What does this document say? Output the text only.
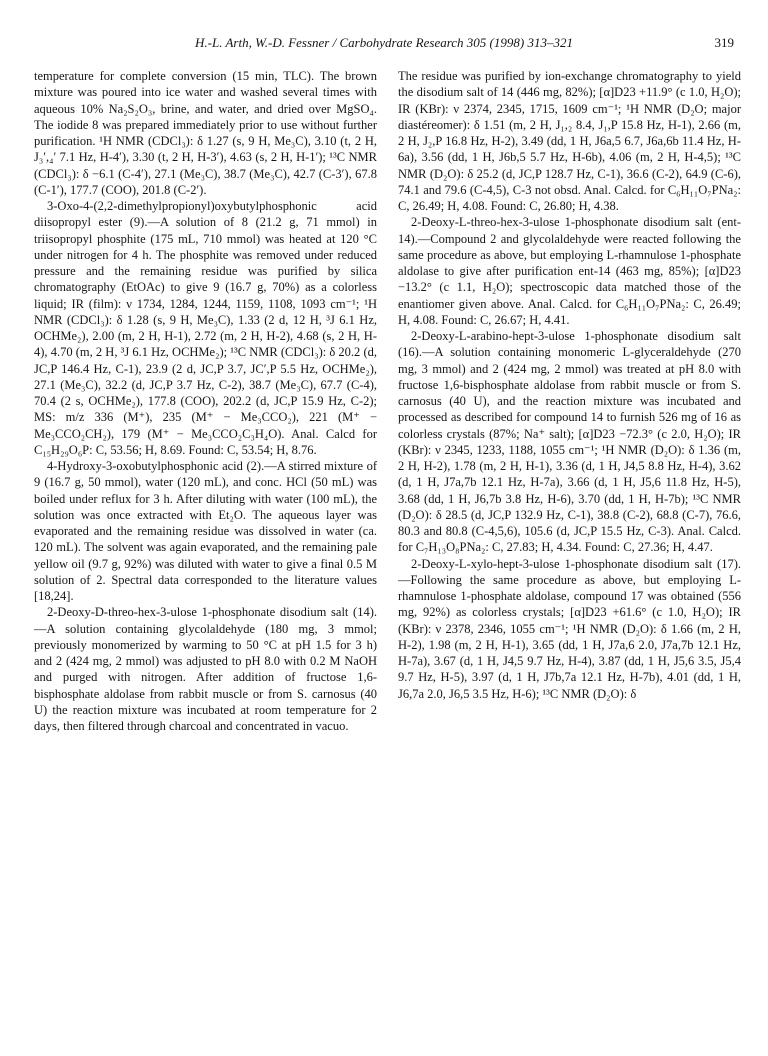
H.-L. Arth, W.-D. Fessner / Carbohydrate Research 305 (1998) 313–321	319

temperature for complete conversion (15 min, TLC). The brown mixture was poured into ice water and washed several times with aqueous 10% Na₂S₂O₃, brine, and water, and dried over MgSO₄. The iodide 8 was prepared immediately prior to use without further purification. ¹H NMR (CDCl₃): δ 1.27 (s, 9 H, Me₃C), 3.10 (t, 2 H, J₃′,₄′ 7.1 Hz, H-4′), 3.30 (t, 2 H, H-3′), 4.63 (s, 2 H, H-1′); ¹³C NMR (CDCl₃): δ −6.1 (C-4′), 27.1 (Me₃C), 38.7 (Me₃C), 42.7 (C-3′), 67.8 (C-1′), 177.7 (COO), 201.8 (C-2′).

3-Oxo-4-(2,2-dimethylpropionyl)oxybutylphosphonic acid diisopropyl ester (9).—A solution of 8 (21.2 g, 71 mmol) in triisopropyl phosphite (175 mL, 710 mmol) was heated at 120 °C under nitrogen for 4 h. The phosphite was removed under reduced pressure and the remaining residue was purified by silica chromatography (EtOAc) to give 9 (16.7 g, 70%) as a colorless liquid; IR (film): ν 1734, 1284, 1244, 1159, 1108, 1093 cm⁻¹; ¹H NMR (CDCl₃): δ 1.28 (s, 9 H, Me₃C), 1.33 (2 d, 12 H, ³J 6.1 Hz, OCHMe₂), 2.00 (m, 2 H, H-1), 2.72 (m, 2 H, H-2), 4.68 (s, 2 H, H-4), 4.70 (m, 2 H, ³J 6.1 Hz, OCHMe₂); ¹³C NMR (CDCl₃): δ 20.2 (d, JC,P 146.4 Hz, C-1), 23.9 (2 d, JC,P 3.7, JC′,P 5.5 Hz, OCHMe₂), 27.1 (Me₃C), 32.2 (d, JC,P 3.7 Hz, C-2), 38.7 (Me₃C), 67.7 (C-4), 70.4 (2 s, OCHMe₂), 177.8 (COO), 202.2 (d, JC,P 15.9 Hz, C-2); MS: m/z 336 (M⁺), 235 (M⁺ − Me₃CCO₂), 221 (M⁺ − Me₃CCO₂CH₂), 179 (M⁺ − Me₃CCO₂C₃H₄O). Anal. Calcd for C₁₅H₂₉O₆P: C, 53.56; H, 8.69. Found: C, 53.54; H, 8.76.

4-Hydroxy-3-oxobutylphosphonic acid (2).—A stirred mixture of 9 (16.7 g, 50 mmol), water (120 mL), and conc. HCl (50 mL) was boiled under reflux for 3 h. After diluting with water (100 mL), the solution was once extracted with Et₂O. The aqueous layer was evaporated and the remaining residue was dissolved in water (ca. 120 mL). The solvent was again evaporated, and the remaining pale yellow oil (9.7 g, 92%) was diluted with water to give a final 0.5 M solution of 2. Spectral data corresponded to the literature values [18,24].

2-Deoxy-D-threo-hex-3-ulose 1-phosphonate disodium salt (14).—A solution containing glycolaldehyde (180 mg, 3 mmol; previously monomerized by warming to 50 °C at pH 1.5 for 3 h) and 2 (424 mg, 2 mmol) was adjusted to pH 8.0 with 0.2 M NaOH and purged with nitrogen. After addition of fructose 1,6-bisphosphate aldolase from rabbit muscle or from S. carnosus (40 U) the reaction mixture was incubated at room temperature for 2 days, then filtered through charcoal and concentrated in vacuo.

The residue was purified by ion-exchange chromatography to yield the disodium salt of 14 (446 mg, 82%); [α]D23 +11.9° (c 1.0, H₂O); IR (KBr): ν 2374, 2345, 1715, 1609 cm⁻¹; ¹H NMR (D₂O; major diastéreomer): δ 1.51 (m, 2 H, J₁,₂ 8.4, J₁,P 15.8 Hz, H-1), 2.66 (m, 2 H, J₂,P 16.8 Hz, H-2), 3.49 (dd, 1 H, J6a,5 6.7, J6a,6b 11.4 Hz, H-6a), 3.56 (dd, 1 H, J6b,5 5.7 Hz, H-6b), 4.06 (m, 2 H, H-4,5); ¹³C NMR (D₂O): δ 25.2 (d, JC,P 128.7 Hz, C-1), 36.6 (C-2), 64.9 (C-6), 74.1 and 79.6 (C-4,5), C-3 not obsd. Anal. Calcd. for C₆H₁₁O₇PNa₂: C, 26.49; H, 4.08. Found: C, 26.80; H, 4.38.

2-Deoxy-L-threo-hex-3-ulose 1-phosphonate disodium salt (ent-14).—Compound 2 and glycolaldehyde were reacted following the same procedure as above, but employing L-rhamnulose 1-phosphate aldolase to give after purification ent-14 (463 mg, 85%); [α]D23 −13.2° (c 1.1, H₂O); spectroscopic data matched those of the enantiomer given above. Anal. Calcd. for C₆H₁₁O₇PNa₂: C, 26.49; H, 4.08. Found: C, 26.67; H, 4.41.

2-Deoxy-L-arabino-hept-3-ulose 1-phosphonate disodium salt (16).—A solution containing monomeric L-glyceraldehyde (270 mg, 3 mmol) and 2 (424 mg, 2 mmol) was treated at pH 8.0 with fructose 1,6-bisphosphate aldolase from rabbit muscle or from S. carnosus (40 U), and the reaction mixture was incubated and processed as described for compound 14 to furnish 526 mg of 16 as colorless crystals (87%; Na⁺ salt); [α]D23 −72.3° (c 2.0, H₂O); IR (KBr): ν 2345, 1233, 1188, 1055 cm⁻¹; ¹H NMR (D₂O): δ 1.36 (m, 2 H, H-2), 1.78 (m, 2 H, H-1), 3.36 (d, 1 H, J4,5 8.8 Hz, H-4), 3.62 (d, 1 H, J7a,7b 12.1 Hz, H-7a), 3.66 (d, 1 H, J5,6 11.8 Hz, H-5), 3.68 (dd, 1 H, J6,7b 3.8 Hz, H-6), 3.70 (dd, 1 H, H-7b); ¹³C NMR (D₂O): δ 28.5 (d, JC,P 132.9 Hz, C-1), 38.8 (C-2), 68.8 (C-7), 76.6, 80.3 and 80.8 (C-4,5,6), 105.6 (d, JC,P 15.5 Hz, C-3). Anal. Calcd. for C₇H₁₃O₈PNa₂: C, 27.83; H, 4.34. Found: C, 27.36; H, 4.47.

2-Deoxy-L-xylo-hept-3-ulose 1-phosphonate disodium salt (17).—Following the same procedure as above, but employing L-rhamnulose 1-phosphate aldolase, compound 17 was obtained (556 mg, 92%) as colorless crystals; [α]D23 +61.6° (c 1.0, H₂O); IR (KBr): ν 2378, 2346, 1055 cm⁻¹; ¹H NMR (D₂O): δ 1.66 (m, 2 H, H-2), 1.98 (m, 2 H, H-1), 3.65 (dd, 1 H, J7a,6 2.0, J7a,7b 12.1 Hz, H-7a), 3.67 (d, 1 H, J4,5 9.7 Hz, H-4), 3.87 (dd, 1 H, J5,6 3.5, J5,4 9.7 Hz, H-5), 3.97 (d, 1 H, J7b,7a 12.1 Hz, H-7b), 4.01 (dd, 1 H, J6,7a 2.0, J6,5 3.5 Hz, H-6); ¹³C NMR (D₂O): δ
